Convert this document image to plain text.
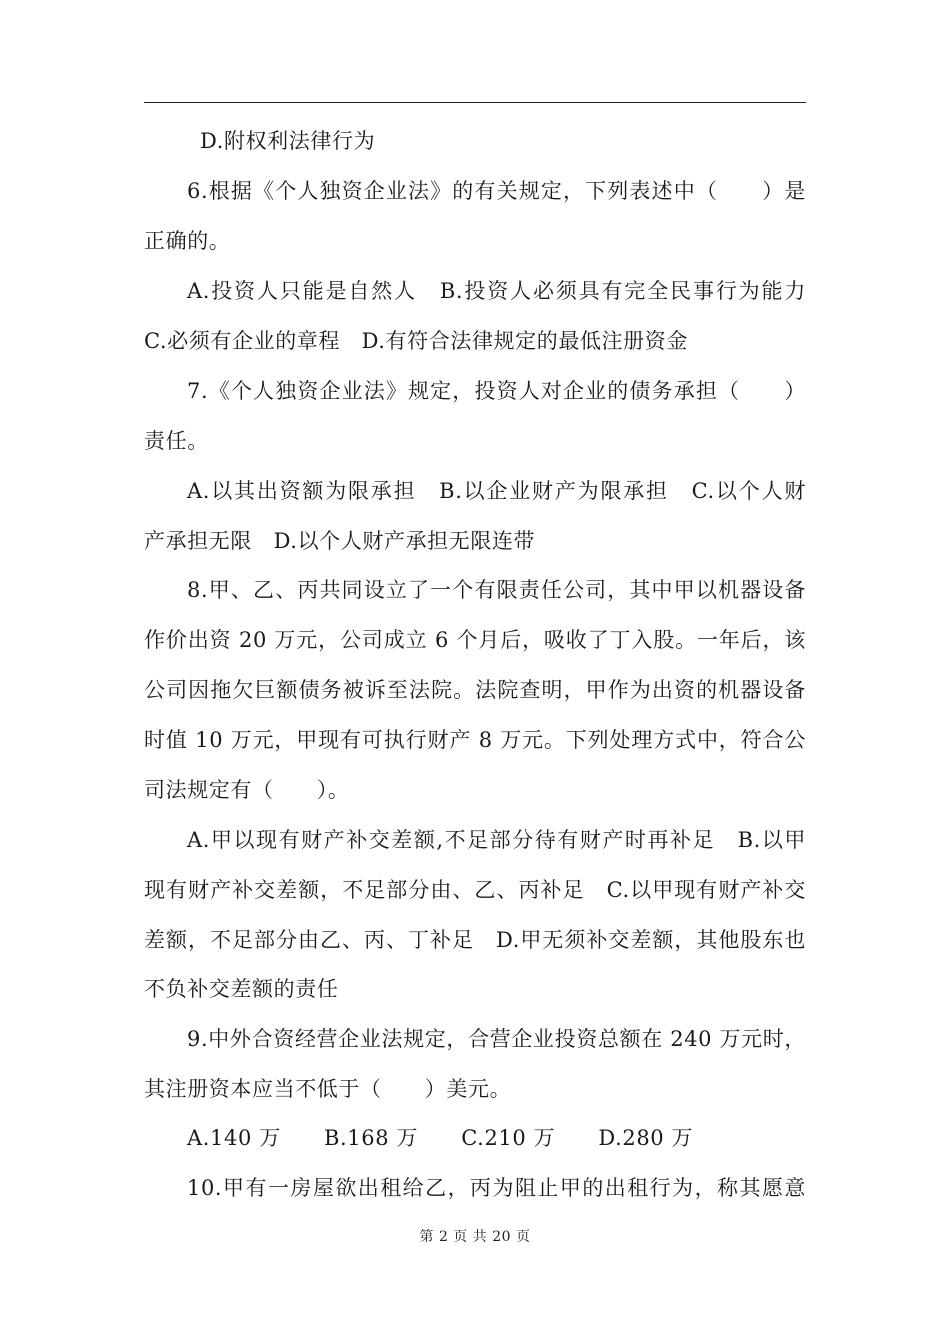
D.附权利法律行为
6.根据《个人独资企业法》的有关规定，下列表述中（　　）是
正确的。
A.投资人只能是自然人　B.投资人必须具有完全民事行为能力
C.必须有企业的章程　D.有符合法律规定的最低注册资金
7.《个人独资企业法》规定，投资人对企业的债务承担（　　）
责任。
A.以其出资额为限承担　B.以企业财产为限承担　C.以个人财
产承担无限　D.以个人财产承担无限连带
8.甲、乙、丙共同设立了一个有限责任公司，其中甲以机器设备
作价出资 20 万元，公司成立 6 个月后，吸收了丁入股。一年后，该
公司因拖欠巨额债务被诉至法院。法院查明，甲作为出资的机器设备
时值 10 万元，甲现有可执行财产 8 万元。下列处理方式中，符合公
司法规定有（　　）。
A.甲以现有财产补交差额,不足部分待有财产时再补足　B.以甲
现有财产补交差额，不足部分由、乙、丙补足　C.以甲现有财产补交
差额，不足部分由乙、丙、丁补足　D.甲无须补交差额，其他股东也
不负补交差额的责任
9.中外合资经营企业法规定，合营企业投资总额在 240 万元时，
其注册资本应当不低于（　　）美元。
A.140 万　　B.168 万　　C.210 万　　D.280 万
10.甲有一房屋欲出租给乙，丙为阻止甲的出租行为，称其愿意
第 2 页 共 20 页
